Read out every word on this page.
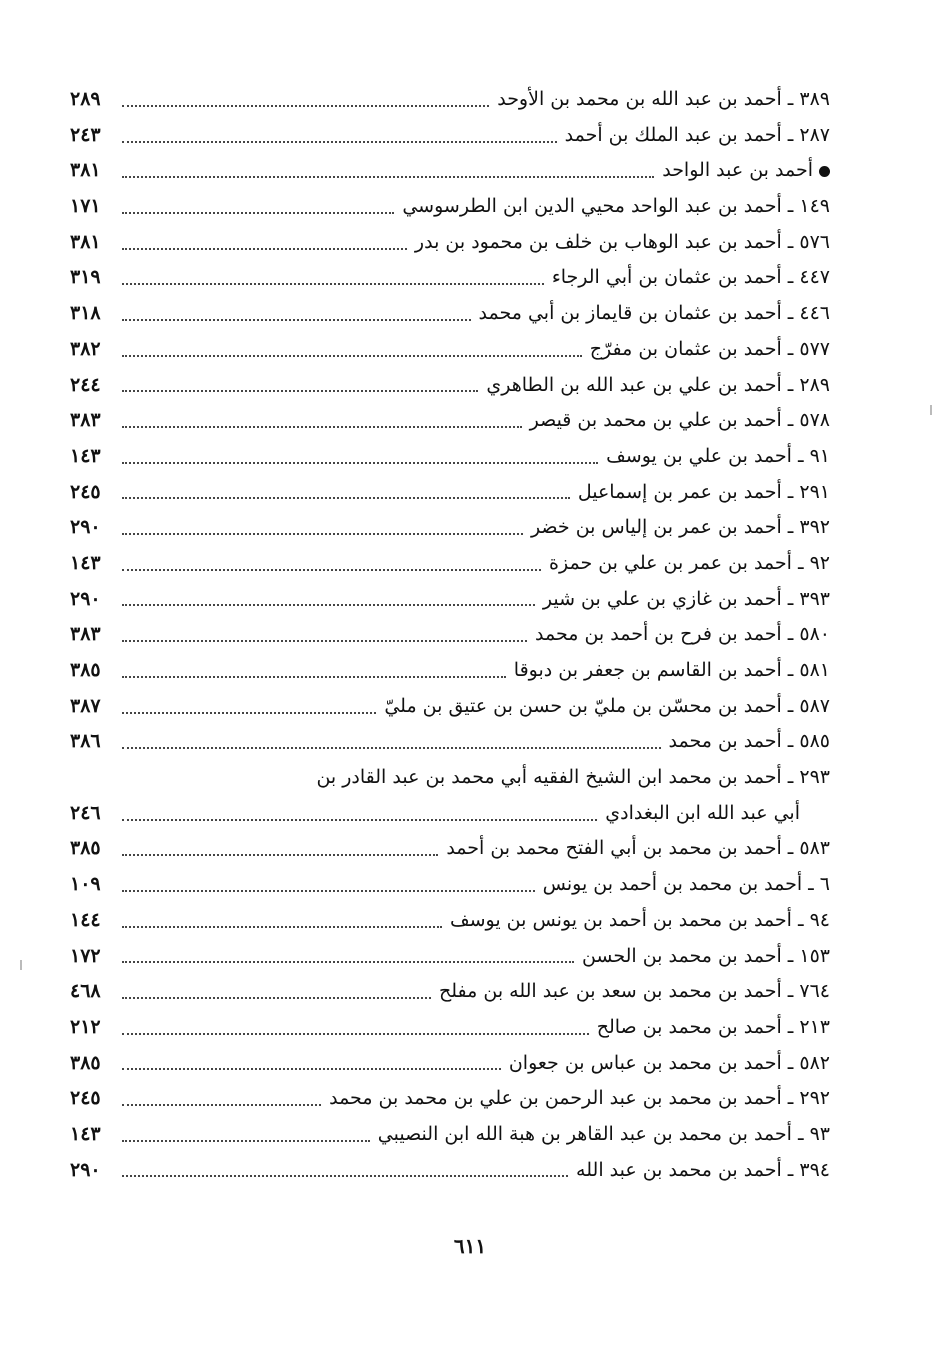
٣٨٩ ـ أحمد بن عبد الله بن محمد بن الأوحد
٢٨٩
٢٨٧ ـ أحمد بن عبد الملك بن أحمد
٢٤٣
أحمد بن عبد الواحد
٣٨١
١٤٩ ـ أحمد بن عبد الواحد محيي الدين ابن الطرسوسي
١٧١
٥٧٦ ـ أحمد بن عبد الوهاب بن خلف بن محمود بن بدر
٣٨١
٤٤٧ ـ أحمد بن عثمان بن أبي الرجاء
٣١٩
٤٤٦ ـ أحمد بن عثمان بن قايماز بن أبي محمد
٣١٨
٥٧٧ ـ أحمد بن عثمان بن مفرّج
٣٨٢
٢٨٩ ـ أحمد بن علي بن عبد الله بن الطاهري
٢٤٤
٥٧٨ ـ أحمد بن علي بن محمد بن قيصر
٣٨٣
٩١ ـ أحمد بن علي بن يوسف
١٤٣
٢٩١ ـ أحمد بن عمر بن إسماعيل
٢٤٥
٣٩٢ ـ أحمد بن عمر بن إلياس بن خضر
٢٩٠
٩٢ ـ أحمد بن عمر بن علي بن حمزة
١٤٣
٣٩٣ ـ أحمد بن غازي بن علي بن شير
٢٩٠
٥٨٠ ـ أحمد بن فرح بن أحمد بن محمد
٣٨٣
٥٨١ ـ أحمد بن القاسم بن جعفر بن دبوقا
٣٨٥
٥٨٧ ـ أحمد بن محسّن بن مليّ بن حسن بن عتيق بن مليّ
٣٨٧
٥٨٥ ـ أحمد بن محمد
٣٨٦
٢٩٣ ـ أحمد بن محمد ابن الشيخ الفقيه أبي محمد بن عبد القادر بن
أبي عبد الله ابن البغدادي
٢٤٦
٥٨٣ ـ أحمد بن محمد بن أبي الفتح محمد بن أحمد
٣٨٥
٦ ـ أحمد بن محمد بن أحمد بن يونس
١٠٩
٩٤ ـ أحمد بن محمد بن أحمد بن يونس بن يوسف
١٤٤
١٥٣ ـ أحمد بن محمد بن الحسن
١٧٢
٧٦٤ ـ أحمد بن محمد بن سعد بن عبد الله بن مفلح
٤٦٨
٢١٣ ـ أحمد بن محمد بن صالح
٢١٢
٥٨٢ ـ أحمد بن محمد بن عباس بن جعوان
٣٨٥
٢٩٢ ـ أحمد بن محمد بن عبد الرحمن بن علي بن محمد بن محمد
٢٤٥
٩٣ ـ أحمد بن محمد بن عبد القاهر بن هبة الله ابن النصيبي
١٤٣
٣٩٤ ـ أحمد بن محمد بن عبد الله
٢٩٠
٦١١
